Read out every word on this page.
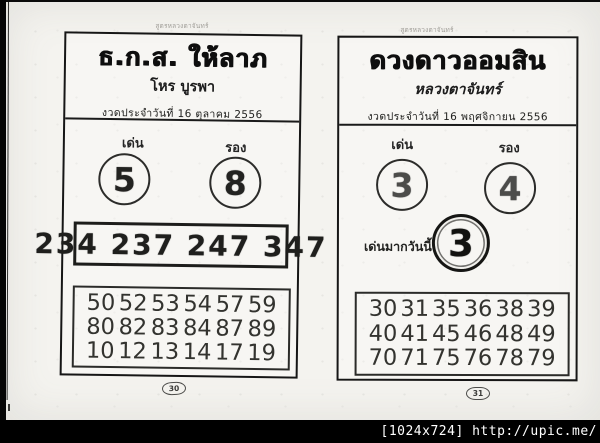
สูตรหลวงตาจันทร์	สูตรหลวงตาจันทร์
ธ.ก.ส. ให้ลาภ
โหร บูรพา
งวดประจำวันที่ 16 ตุลาคม 2556
เด่น	รอง
5	8
234 237 247 347
50 52 53 54 57 59
80 82 83 84 87 89
10 12 13 14 17 19
30
ดวงดาวออมสิน
หลวงตาจันทร์
งวดประจำวันที่ 16 พฤศจิกายน 2556
เด่น	รอง
3	4
เด่นมากวันนี้ 3
30 31 35 36 38 39
40 41 45 46 48 49
70 71 75 76 78 79
31
[1024x724] http://upic.me/
